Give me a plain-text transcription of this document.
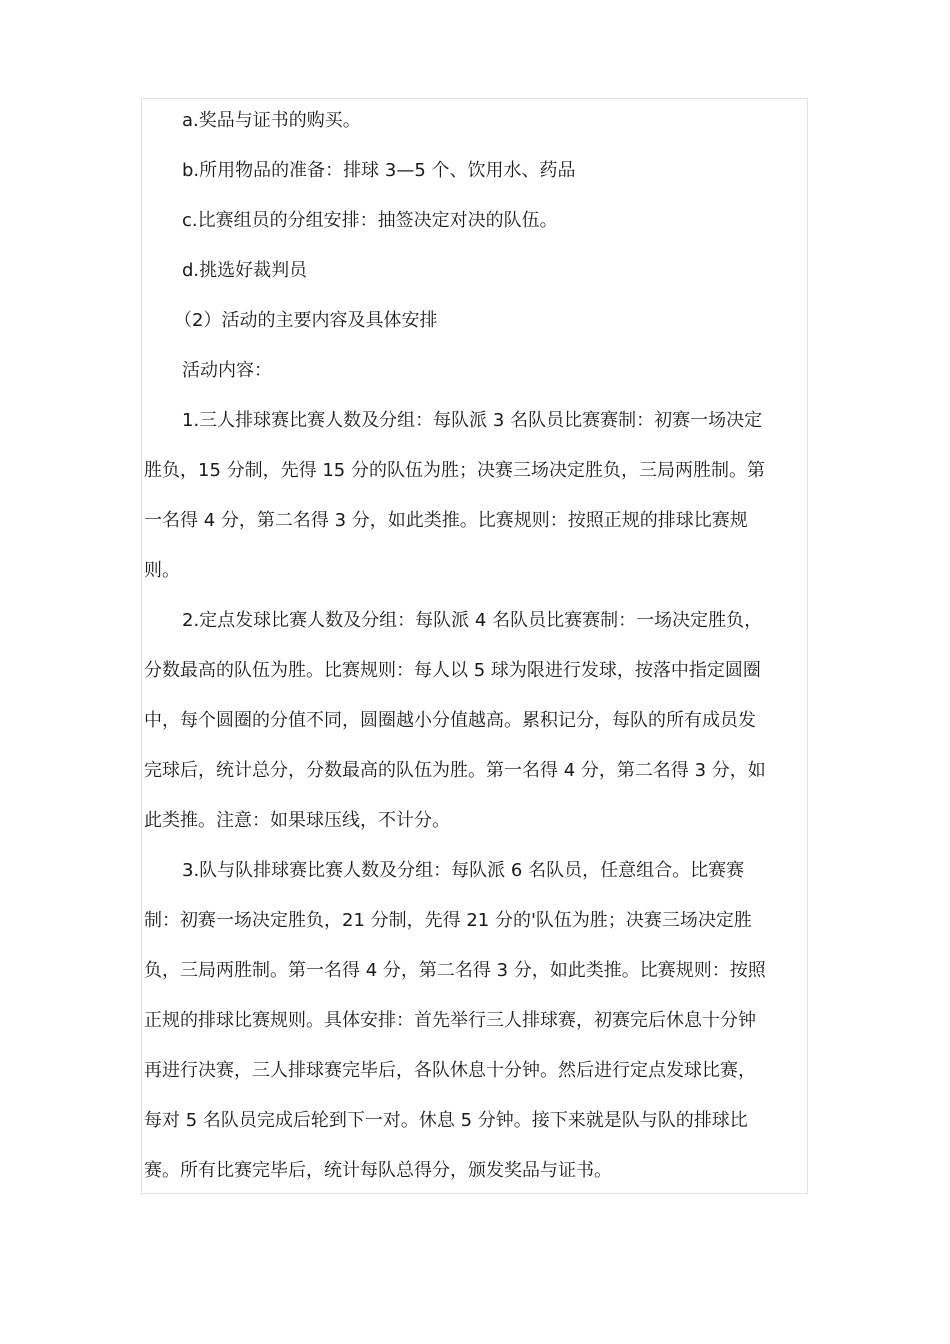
a.奖品与证书的购买。
b.所用物品的准备：排球 3—5 个、饮用水、药品
c.比赛组员的分组安排：抽签决定对决的队伍。
d.挑选好裁判员
（2）活动的主要内容及具体安排
活动内容：
1.三人排球赛比赛人数及分组：每队派 3 名队员比赛赛制：初赛一场决定
胜负，15 分制，先得 15 分的队伍为胜；决赛三场决定胜负，三局两胜制。第
一名得 4 分，第二名得 3 分，如此类推。比赛规则：按照正规的排球比赛规
则。
2.定点发球比赛人数及分组：每队派 4 名队员比赛赛制：一场决定胜负，
分数最高的队伍为胜。比赛规则：每人以 5 球为限进行发球，按落中指定圆圈
中，每个圆圈的分值不同，圆圈越小分值越高。累积记分，每队的所有成员发
完球后，统计总分，分数最高的队伍为胜。第一名得 4 分，第二名得 3 分，如
此类推。注意：如果球压线，不计分。
3.队与队排球赛比赛人数及分组：每队派 6 名队员，任意组合。比赛赛
制：初赛一场决定胜负，21 分制，先得 21 分的'队伍为胜；决赛三场决定胜
负，三局两胜制。第一名得 4 分，第二名得 3 分，如此类推。比赛规则：按照
正规的排球比赛规则。具体安排：首先举行三人排球赛，初赛完后休息十分钟
再进行决赛，三人排球赛完毕后，各队休息十分钟。然后进行定点发球比赛，
每对 5 名队员完成后轮到下一对。休息 5 分钟。接下来就是队与队的排球比
赛。所有比赛完毕后，统计每队总得分，颁发奖品与证书。
